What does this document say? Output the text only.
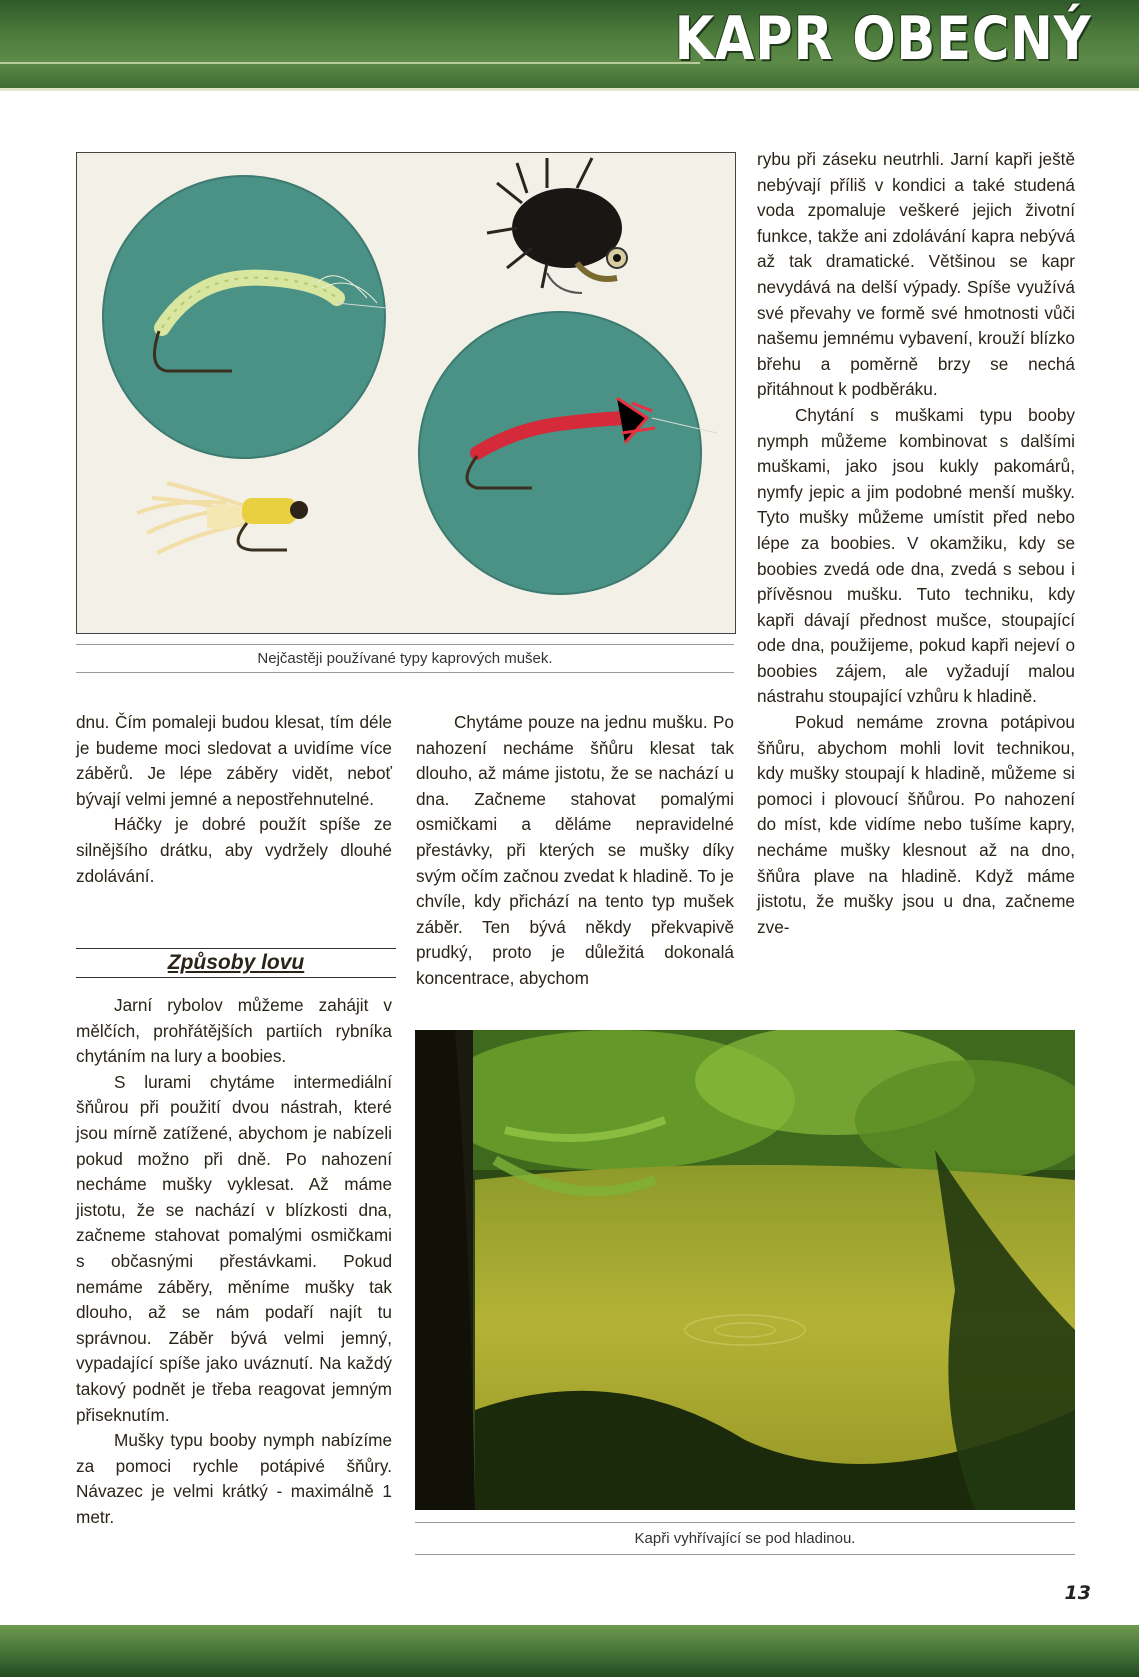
KAPR OBECNÝ
Nejčastěji používané typy kaprových mušek.

dnu. Čím pomaleji budou klesat, tím déle je budeme moci sledovat a uvidíme více záběrů. Je lépe záběry vidět, neboť bývají velmi jemné a nepostřehnutelné.

Háčky je dobré použít spíše ze silnějšího drátku, aby vydržely dlouhé zdolávání.

Způsoby lovu

Jarní rybolov můžeme zahájit v mělčích, prohřátějších partiích rybníka chytáním na lury a boobies.

S lurami chytáme intermediální šňůrou při použití dvou nástrah, které jsou mírně zatížené, abychom je nabízeli pokud možno při dně. Po nahození necháme mušky vyklesat. Až máme jistotu, že se nachází v blízkosti dna, začneme stahovat pomalými osmičkami s občasnými přestávkami. Pokud nemáme záběry, měníme mušky tak dlouho, až se nám podaří najít tu správnou. Záběr bývá velmi jemný, vypadající spíše jako uváznutí. Na každý takový podnět je třeba reagovat jemným přiseknutím.

Mušky typu booby nymph nabízíme za pomoci rychle potápivé šňůry. Návazec je velmi krátký - maximálně 1 metr.

Chytáme pouze na jednu mušku. Po nahození necháme šňůru klesat tak dlouho, až máme jistotu, že se nachází u dna. Začneme stahovat pomalými osmičkami a děláme nepravidelné přestávky, při kterých se mušky díky svým očím začnou zvedat k hladině. To je chvíle, kdy přichází na tento typ mušek záběr. Ten bývá někdy překvapivě prudký, proto je důležitá dokonalá koncentrace, abychom

rybu při záseku neutrhli. Jarní kapři ještě nebývají příliš v kondici a také studená voda zpomaluje veškeré jejich životní funkce, takže ani zdolávání kapra nebývá až tak dramatické. Většinou se kapr nevydává na delší výpady. Spíše využívá své převahy ve formě své hmotnosti vůči našemu jemnému vybavení, krouží blízko břehu a poměrně brzy se nechá přitáhnout k podběráku.

Chytání s muškami typu booby nymph můžeme kombinovat s dalšími muškami, jako jsou kukly pakomárů, nymfy jepic a jim podobné menší mušky. Tyto mušky můžeme umístit před nebo lépe za boobies. V okamžiku, kdy se boobies zvedá ode dna, zvedá s sebou i přívěsnou mušku. Tuto techniku, kdy kapři dávají přednost mušce, stoupající ode dna, použijeme, pokud kapři nejeví o boobies zájem, ale vyžadují malou nástrahu stoupající vzhůru k hladině.

Pokud nemáme zrovna potápivou šňůru, abychom mohli lovit technikou, kdy mušky stoupají k hladině, můžeme si pomoci i plovoucí šňůrou. Po nahození do míst, kde vidíme nebo tušíme kapry, necháme mušky klesnout až na dno, šňůra plave na hladině. Když máme jistotu, že mušky jsou u dna, začneme zve-

Kapři vyhřívající se pod hladinou.
13
